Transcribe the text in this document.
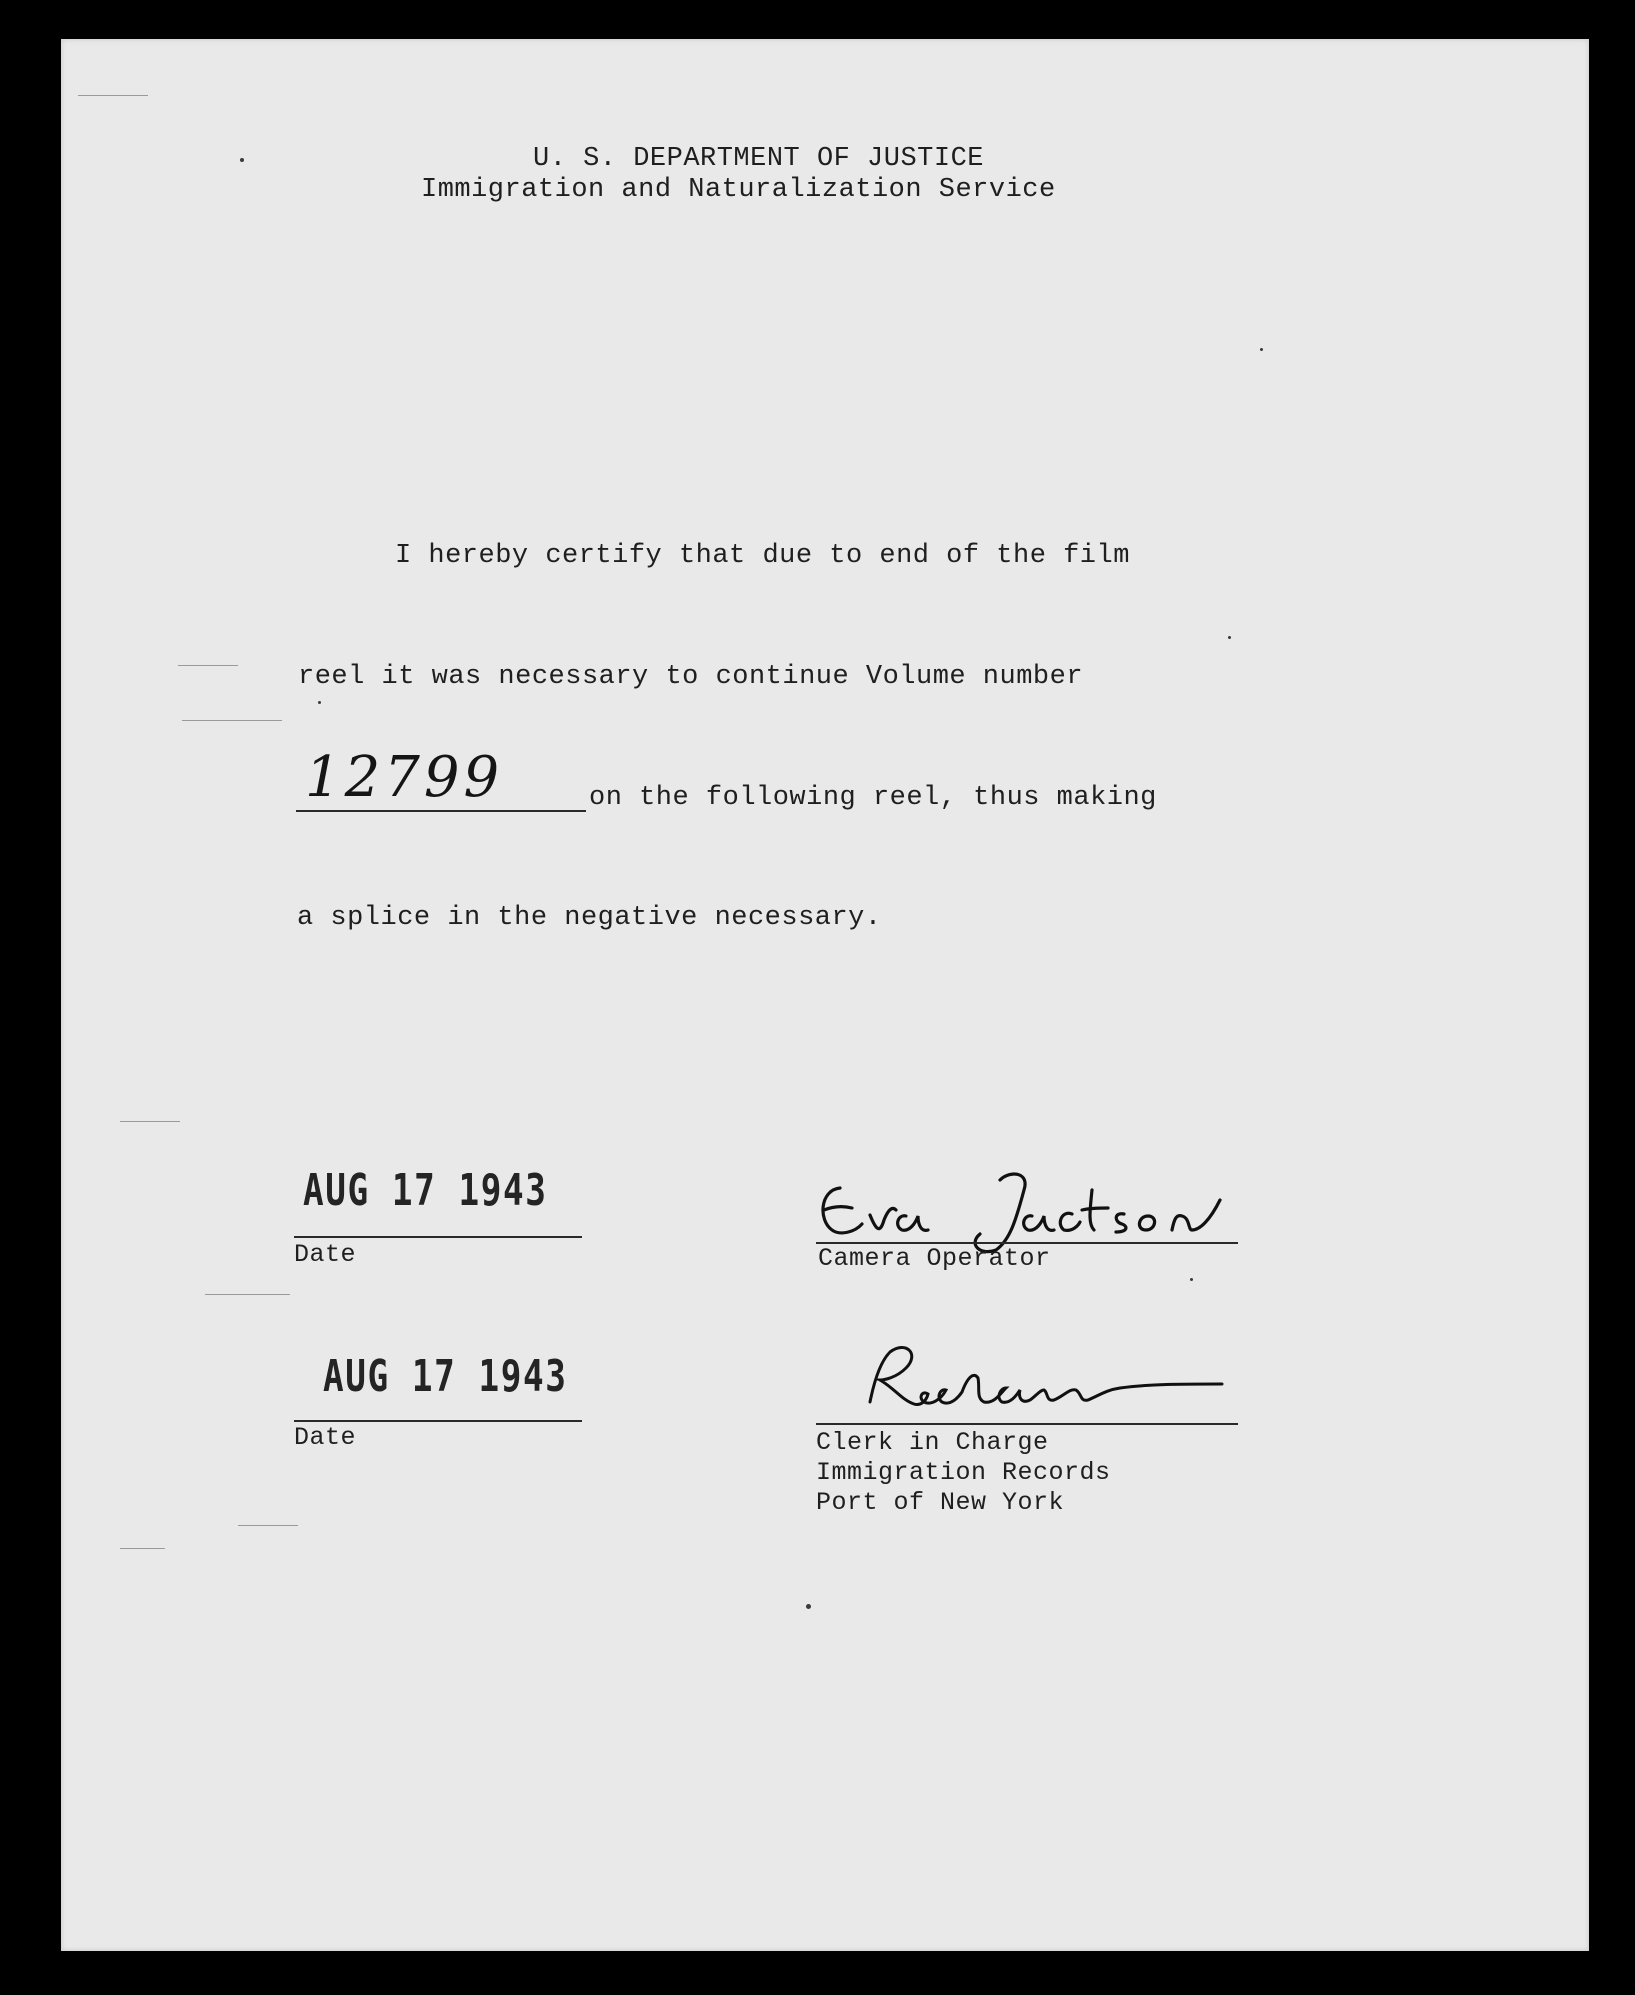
U. S. DEPARTMENT OF JUSTICE
Immigration and Naturalization Service
I hereby certify that due to end of the film
reel it was necessary to continue Volume number
12799	on the following reel, thus making
a splice in the negative necessary.
AUG 17 1943
Date	Camera Operator
AUG 17 1943
Date	Clerk in Charge
Immigration Records
Port of New York
